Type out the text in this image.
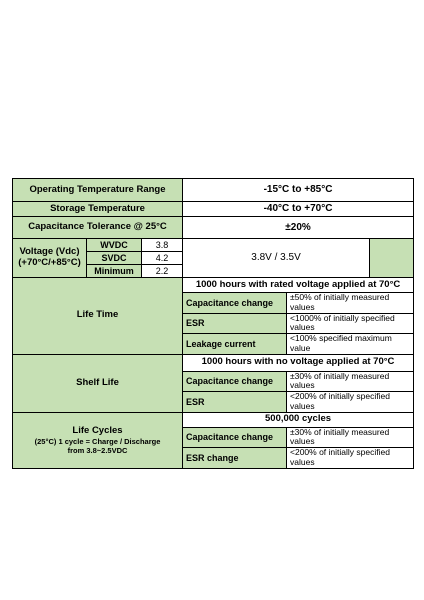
Operating Temperature Range			-15°C to +85°C		
Storage Temperature			-40°C to +70°C		
Capacitance Tolerance @ 25°C			±20%		

Voltage (Vdc)
(+70°C/+85°C)	WVDC	3.8	3.8V / 3.5V		
	SVDC	4.2			
	Minimum	2.2			
Life Time			1000 hours with rated voltage applied at 70°C		
			Capacitance change	±50% of initially measured values	
			ESR	<1000% of initially specified values	
			Leakage current	<100% specified maximum value	
Shelf Life			1000 hours with no voltage applied at 70°C		
			Capacitance change	±30% of initially measured values	
			ESR	<200% of initially specified values	

Life Cycles
(25°C) 1 cycle = Charge / Discharge
from 3.8~2.5VDC			500,000 cycles		
			Capacitance change	±30% of initially measured values	
			ESR change	<200% of initially specified values	
